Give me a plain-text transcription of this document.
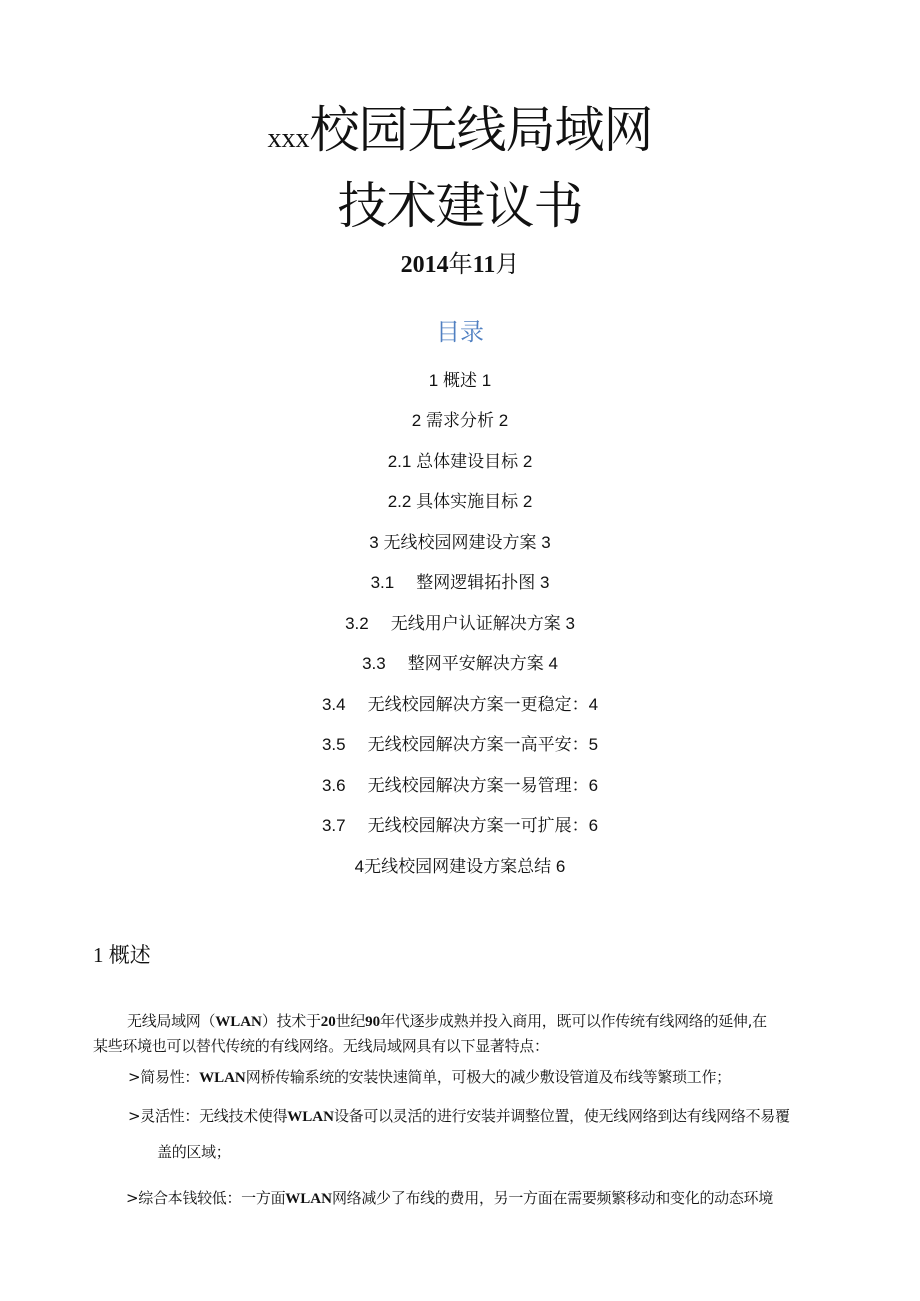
xxx校园无线局域网
技术建议书
2014年11月
目录
1 概述 1
2 需求分析 2
2.1 总体建设目标 2
2.2 具体实施目标 2
3 无线校园网建设方案 3
3.1 整网逻辑拓扑图 3
3.2 无线用户认证解决方案 3
3.3 整网平安解决方案 4
3.4 无线校园解决方案一更稳定：4
3.5 无线校园解决方案一高平安：5
3.6 无线校园解决方案一易管理：6
3.7 无线校园解决方案一可扩展：6
4无线校园网建设方案总结 6
1 概述
无线局域网（WLAN）技术于20世纪90年代逐步成熟并投入商用，既可以作传统有线网络的延伸,在
某些环境也可以替代传统的有线网络。无线局域网具有以下显著特点：
>简易性：WLAN网桥传输系统的安装快速简单，可极大的减少敷设管道及布线等繁琐工作；
>灵活性：无线技术使得WLAN设备可以灵活的进行安装并调整位置，使无线网络到达有线网络不易覆
盖的区域；
>综合本钱较低：一方面WLAN网络减少了布线的费用，另一方面在需要频繁移动和变化的动态环境
